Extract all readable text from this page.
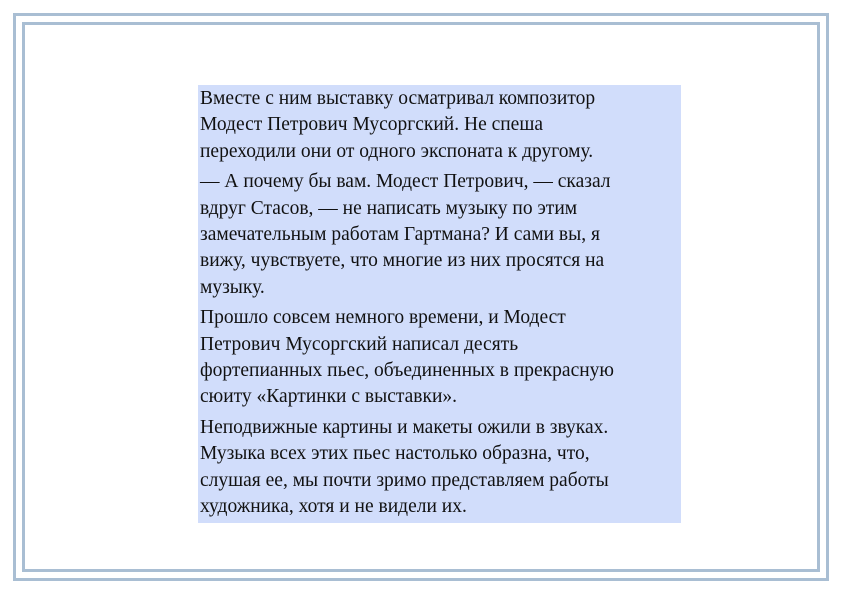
Вместе с ним выставку осматривал композитор
Модест Петрович Мусоргский. Не спеша
переходили они от одного экспоната к другому.

— А почему бы вам. Модест Петрович, — сказал
вдруг Стасов, — не написать музыку по этим
замечательным работам Гартмана? И сами вы, я
вижу, чувствуете, что многие из них просятся на
музыку.

Прошло совсем немного времени, и Модест
Петрович Мусоргский написал десять
фортепианных пьес, объединенных в прекрасную
сюиту «Картинки с выставки».

Неподвижные картины и макеты ожили в звуках.
Музыка всех этих пьес настолько образна, что,
слушая ее, мы почти зримо представляем работы
художника, хотя и не видели их.
